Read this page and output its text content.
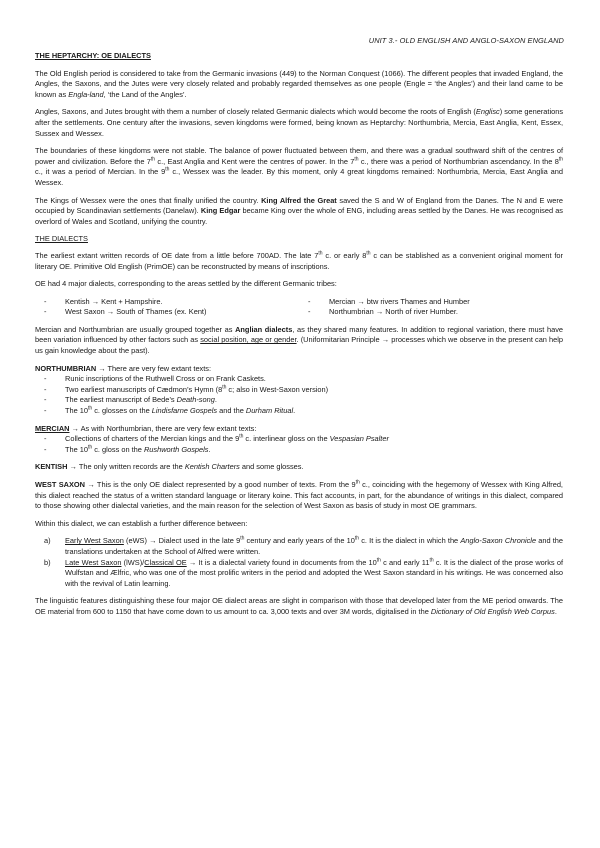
UNIT 3.- OLD ENGLISH AND ANGLO-SAXON ENGLAND
THE HEPTARCHY: OE DIALECTS

The Old English period is considered to take from the Germanic invasions (449) to the Norman Conquest (1066). The different peoples that invaded England, the Angles, the Saxons, and the Jutes were very closely related and probably regarded themselves as one people (Engle = ‘the Angles’) and their land came to be known as Engla-land, ‘the Land of the Angles’.

Angles, Saxons, and Jutes brought with them a number of closely related Germanic dialects which would become the roots of English (Englisc) some generations after the settlements. One century after the invasions, seven kingdoms were formed, being known as Heptarchy: Northumbria, Mercia, East Anglia, Kent, Essex, Sussex and Wessex.

The boundaries of these kingdoms were not stable. The balance of power fluctuated between them, and there was a gradual southward shift of the centres of power and civilization. Before the 7th c., East Anglia and Kent were the centres of power. In the 7th c., there was a period of Northumbrian ascendancy. In the 8th c., it was a period of Mercian. In the 9th c., Wessex was the leader. By this moment, only 4 great kingdoms remained: Northumbria, Mercia, East Anglia and Wessex.

The Kings of Wessex were the ones that finally unified the country. King Alfred the Great saved the S and W of England from the Danes. The N and E were occupied by Scandinavian settlements (Danelaw). King Edgar became King over the whole of ENG, including areas settled by the Danes. He was recognised as overlord of Wales and Scotland, unifying the country.

THE DIALECTS

The earliest extant written records of OE date from a little before 700AD. The late 7th c. or early 8th c can be stablished as a convenient original moment for literary OE. Primitive Old English (PrimOE) can be reconstructed by means of inscriptions.

OE had 4 major dialects, corresponding to the areas settled by the different Germanic tribes:

- Kentish → Kent + Hampshire.
- West Saxon → South of Thames (ex. Kent)
- Mercian → btw rivers Thames and Humber
- Northumbrian → North of river Humber.

Mercian and Northumbrian are usually grouped together as Anglian dialects, as they shared many features. In addition to regional variation, there must have been variation influenced by other factors such as social position, age or gender. (Uniformitarian Principle → processes which we observe in the present can help us gain knowledge about the past).

NORTHUMBRIAN → There are very few extant texts:
- Runic inscriptions of the Ruthwell Cross or on Frank Caskets.
- Two earliest manuscripts of Cædmon’s Hymn (8th c; also in West-Saxon version)
- The earliest manuscript of Bede’s Death-song.
- The 10th c. glosses on the Lindisfarne Gospels and the Durham Ritual.
MERCIAN → As with Northumbrian, there are very few extant texts:
- Collections of charters of the Mercian kings and the 9th c. interlinear gloss on the Vespasian Psalter
- The 10th c. gloss on the Rushworth Gospels.

KENTISH → The only written records are the Kentish Charters and some glosses.

WEST SAXON → This is the only OE dialect represented by a good number of texts. From the 9th c., coinciding with the hegemony of Wessex with King Alfred, this dialect reached the status of a written standard language or literary koine. This fact accounts, in part, for the abundance of writings in this dialect, compared to those showing other dialectal varieties, and the main reason for the selection of West Saxon as basis of study in most OE grammars.

Within this dialect, we can establish a further difference between:

a) Early West Saxon (eWS) → Dialect used in the late 9th century and early years of the 10th c. It is the dialect in which the Anglo-Saxon Chronicle and the translations undertaken at the School of Alfred were written.
b) Late West Saxon (lWS)/Classical OE → It is a dialectal variety found in documents from the 10th c and early 11th c. It is the dialect of the prose works of Wulfstan and Ælfric, who was one of the most prolific writers in the period and adopted the West Saxon standard in his writings. He was concerned also with the revival of Latin learning.

The linguistic features distinguishing these four major OE dialect areas are slight in comparison with those that developed later from the ME period onwards. The OE material from 600 to 1150 that have come down to us amount to ca. 3,000 texts and over 3M words, digitalised in the Dictionary of Old English Web Corpus.
